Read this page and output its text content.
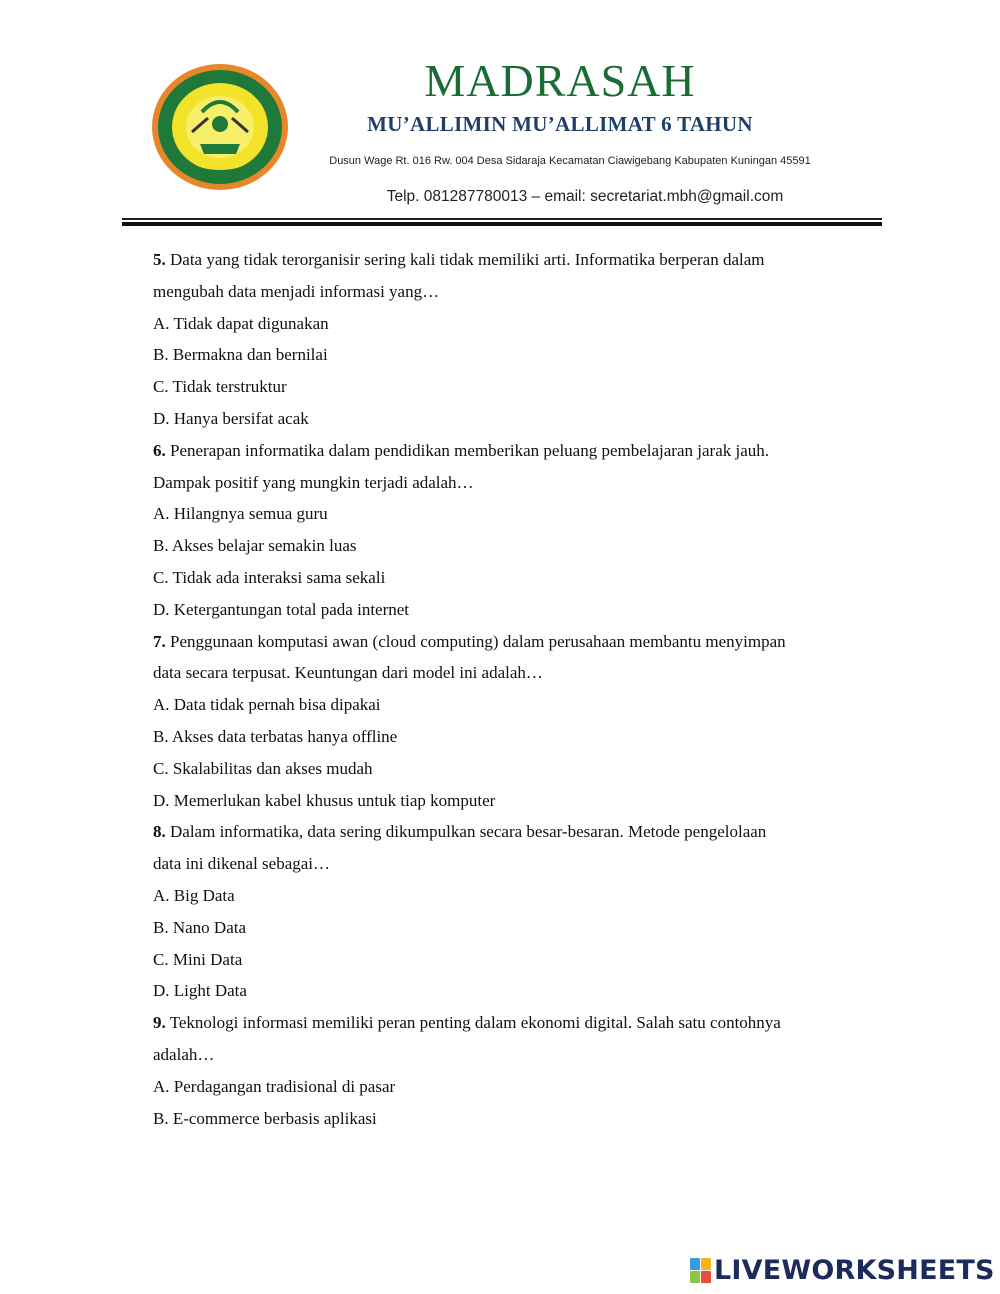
MADRASAH
MU’ALLIMIN MU’ALLIMAT 6 TAHUN
Dusun Wage Rt. 016 Rw. 004 Desa Sidaraja Kecamatan Ciawigebang Kabupaten Kuningan 45591
Telp. 081287780013 – email: secretariat.mbh@gmail.com
5. Data yang tidak terorganisir sering kali tidak memiliki arti. Informatika berperan dalam
mengubah data menjadi informasi yang…
A. Tidak dapat digunakan
B. Bermakna dan bernilai
C. Tidak terstruktur
D. Hanya bersifat acak
6. Penerapan informatika dalam pendidikan memberikan peluang pembelajaran jarak jauh.
Dampak positif yang mungkin terjadi adalah…
A. Hilangnya semua guru
B. Akses belajar semakin luas
C. Tidak ada interaksi sama sekali
D. Ketergantungan total pada internet
7. Penggunaan komputasi awan (cloud computing) dalam perusahaan membantu menyimpan
data secara terpusat. Keuntungan dari model ini adalah…
A. Data tidak pernah bisa dipakai
B. Akses data terbatas hanya offline
C. Skalabilitas dan akses mudah
D. Memerlukan kabel khusus untuk tiap komputer
8. Dalam informatika, data sering dikumpulkan secara besar-besaran. Metode pengelolaan
data ini dikenal sebagai…
A. Big Data
B. Nano Data
C. Mini Data
D. Light Data
9. Teknologi informasi memiliki peran penting dalam ekonomi digital. Salah satu contohnya
adalah…
A. Perdagangan tradisional di pasar
B. E-commerce berbasis aplikasi
LIVEWORKSHEETS
